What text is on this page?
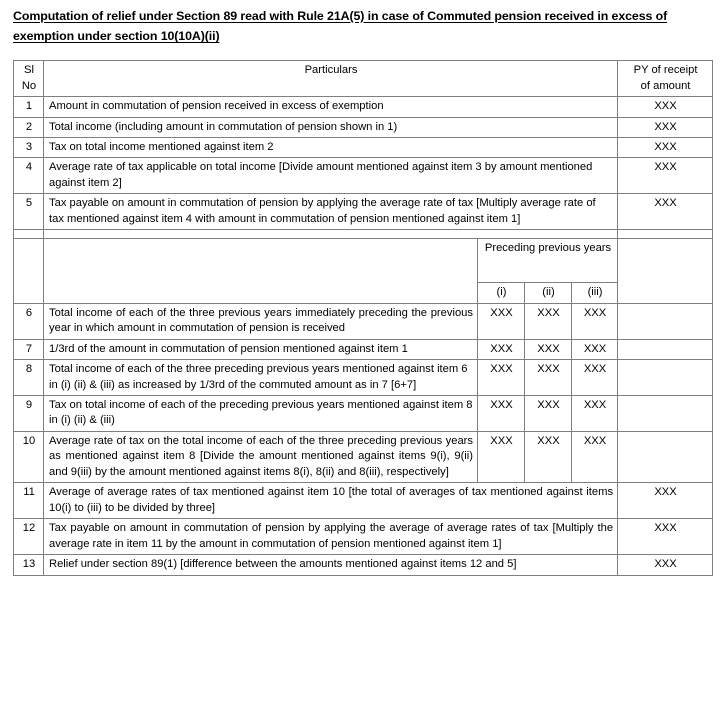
Computation of relief under Section 89 read with Rule 21A(5) in case of Commuted pension received in excess of exemption under section 10(10A)(ii)
Sl
No	Particulars				PY of receipt
of amount
1	Amount in commutation of pension received in excess of exemption				XXX
2	Total income (including amount in commutation of pension shown in 1)				XXX
3	Tax on total income mentioned against item 2				XXX
4	Average rate of tax applicable on total income [Divide amount mentioned against item 3 by amount mentioned against item 2]				XXX
5	Tax payable on amount in commutation of pension by applying the average rate of tax [Multiply average rate of tax mentioned against item 4 with amount in commutation of pension mentioned against item 1]				XXX

		Preceding previous years			
		(i)	(ii)	(iii)	
6	Total income of each of the three previous years immediately preceding the previous year in which amount in commutation of pension is received	XXX	XXX	XXX	
7	1/3rd of the amount in commutation of pension mentioned against item 1	XXX	XXX	XXX	
8	Total income of each of the three preceding previous years mentioned against item 6 in (i) (ii) & (iii) as increased by 1/3rd of the commuted amount as in 7 [6+7]	XXX	XXX	XXX	
9	Tax on total income of each of the preceding previous years mentioned against item 8 in (i) (ii) & (iii)	XXX	XXX	XXX	
10	Average rate of tax on the total income of each of the three preceding previous years as mentioned against item 8 [Divide the amount mentioned against items 9(i), 9(ii) and 9(iii) by the amount mentioned against items 8(i), 8(ii) and 8(iii), respectively]	XXX	XXX	XXX	
11	Average of average rates of tax mentioned against item 10 [the total of averages of tax mentioned against items 10(i) to (iii) to be divided by three]				XXX
12	Tax payable on amount in commutation of pension by applying the average of average rates of tax [Multiply the average rate in item 11 by the amount in commutation of pension mentioned against item 1]				XXX
13	Relief under section 89(1) [difference between the amounts mentioned against items 12 and 5]				XXX
